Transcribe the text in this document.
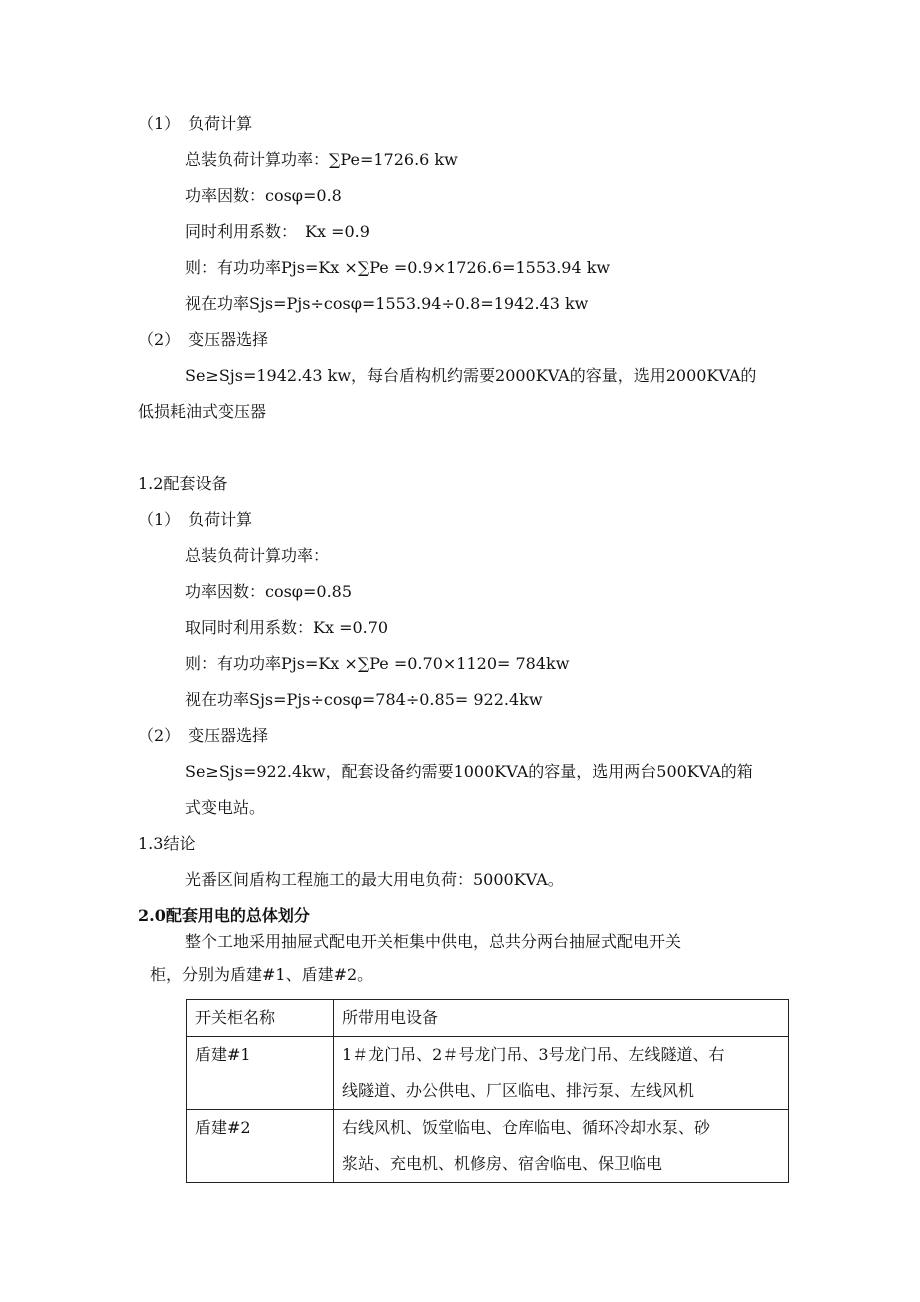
（1）　负荷计算
总装负荷计算功率：∑Pe=1726.6 kw
功率因数：cosφ=0.8
同时利用系数：　Kx =0.9
则：有功功率Pjs=Kx ×∑Pe =0.9×1726.6=1553.94 kw
视在功率Sjs=Pjs÷cosφ=1553.94÷0.8=1942.43 kw
（2）　变压器选择
Se≥Sjs=1942.43 kw，每台盾构机约需要2000KVA的容量，选用2000KVA的
低损耗油式变压器
1.2配套设备
（1）　负荷计算
总装负荷计算功率：
功率因数：cosφ=0.85
取同时利用系数：Kx =0.70
则：有功功率Pjs=Kx ×∑Pe =0.70×1120= 784kw
视在功率Sjs=Pjs÷cosφ=784÷0.85= 922.4kw
（2）　变压器选择
Se≥Sjs=922.4kw，配套设备约需要1000KVA的容量，选用两台500KVA的箱
式变电站。
1.3结论
光番区间盾构工程施工的最大用电负荷：5000KVA。
2.0配套用电的总体划分
整个工地采用抽屉式配电开关柜集中供电，总共分两台抽屉式配电开关
柜，分别为盾建#1、盾建#2。
开关柜名称	所带用电设备
盾建#1	1＃龙门吊、2＃号龙门吊、3号龙门吊、左线隧道、右
线隧道、办公供电、厂区临电、排污泵、左线风机

盾建#2	右线风机、饭堂临电、仓库临电、循环冷却水泵、砂
浆站、充电机、机修房、宿舍临电、保卫临电
